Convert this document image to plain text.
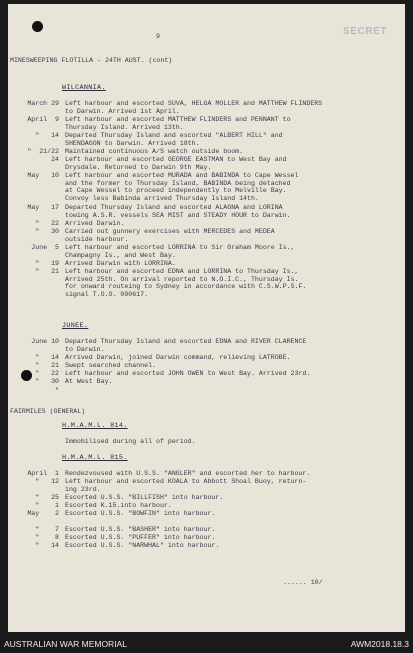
SECRET
9
MINESWEEPING FLOTILLA - 24TH AUST. (cont)
WILCANNIA.
March 29 Left harbour and escorted SUVA, HELGA MOLLER and MATTHEW FLINDERS
to Darwin. Arrived 1st April.
April  9 Left harbour and escorted MATTHEW FLINDERS and PENNANT to
Thursday Island. Arrived 13th.
"   14 Departed Thursday Island and escorted "ALBERT HILL" and
SHENDAGON to Darwin. Arrived 18th.
"  21/22 Maintained continuous A/S watch outside boom.
24 Left harbour and escorted GEORGE EASTMAN to West Bay and
Drysdale. Returned to Darwin 9th May.
May   10 Left harbour and escorted MURADA and BABINDA to Cape Wessel
and the former to Thursday Island, BABINDA being detached
at Cape Wessel to proceed independently to Melville Bay.
Convoy less Babinda arrived Thursday Island 14th.
May   17 Departed Thursday Island and escorted ALAGNA and LORINA
towing A.S.R. vessels SEA MIST and STEADY HOUR to Darwin.
"   22 Arrived Darwin.
"   30 Carried out gunnery exercises with MERCEDES and MEDEA
outside harbour.
June  5 Left harbour and escorted LORRINA to Sir Graham Moore Is.,
Champagny Is., and West Bay.
"   19 Arrived Darwin with LORRINA.
"   21 Left harbour and escorted EDNA and LORRINA to Thursday Is.,
Arrived 25th. On arrival reported to N.O.I.C., Thursday Is.
for onward routeing to Sydney in accordance with C.S.W.P.S.F.
signal T.O.O. 090617.
JUNEE.
June 10 Departed Thursday Island and escorted EDNA and RIVER CLARENCE
to Darwin.
"   14 Arrived Darwin, joined Darwin command, relieving LATROBE.
"   21 Swept searched channel.
"   22 Left harbour and escorted JOHN OWEN to West Bay. Arrived 23rd.
"   30 At West Bay.
"
FAIRMILES (GENERAL)
H.M.A.M.L. 814.
Immobilised during all of period.
H.M.A.M.L. 815.
April  1 Rendezvoused with U.S.S. "ANGLER" and escorted her to harbour.
"   12 Left harbour and escorted KOALA to Abbott Shoal Buoy, return-
ing 23rd.
"   25 Escorted U.S.S. "BILLFISH" into harbour.
"    1 Escorted K.15.into harbour.
May    2 Escorted U.S.S. "BOWFIN" into harbour.
"    7 Escorted U.S.S. "BASHER" into harbour.
"    8 Escorted U.S.S. "PUFFER" into harbour.
"   14 Escorted U.S.S. "NARWHAL" into harbour.
...... 10/
AUSTRALIAN WAR MEMORIAL	AWM2018.18.3
